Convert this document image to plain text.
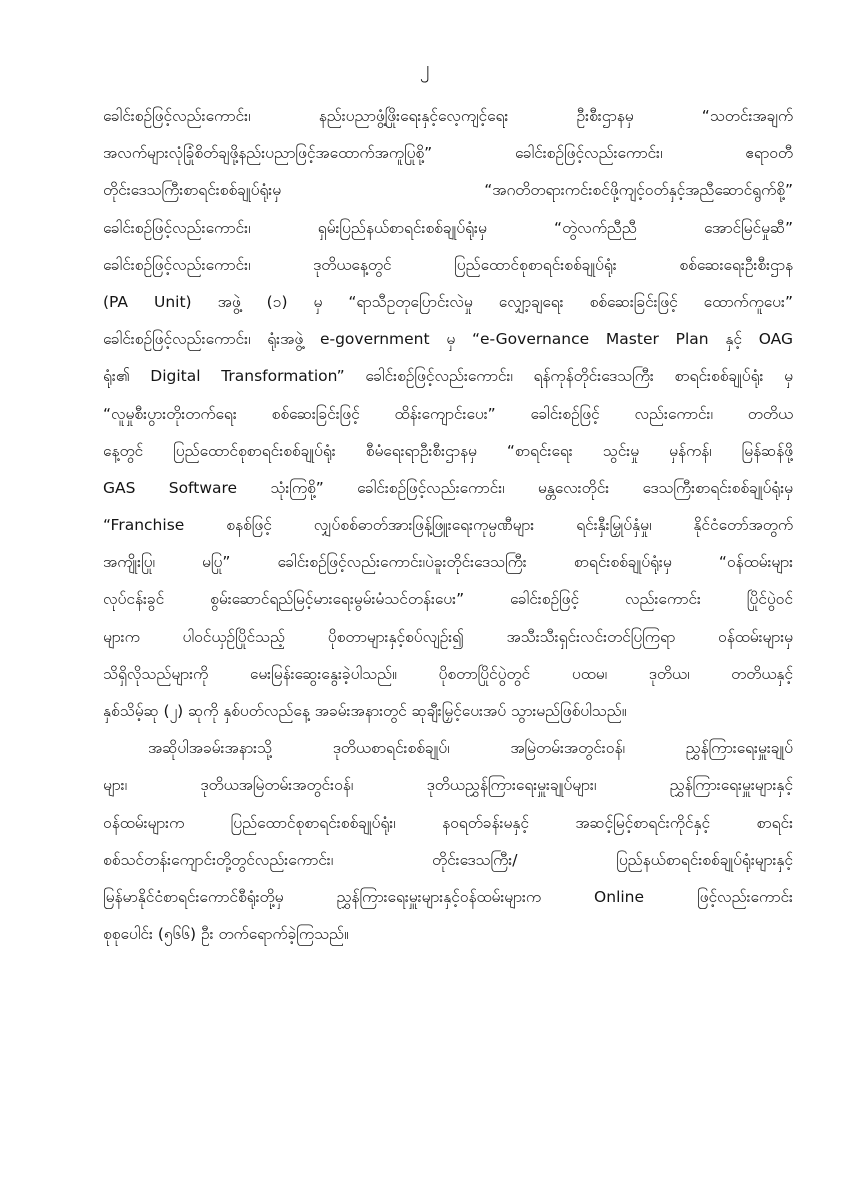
၂
ခေါင်းစဉ်ဖြင့်လည်းကောင်း၊ နည်းပညာဖွံ့ဖြိုးရေးနှင့်လေ့ကျင့်ရေး ဦးစီးဌာနမှ “သတင်းအချက်
အလက်များလုံခြုံစိတ်ချဖို့နည်းပညာဖြင့်အထောက်အကူပြုစို့” ခေါင်းစဉ်ဖြင့်လည်းကောင်း၊ ဧရာဝတီ
တိုင်းဒေသကြီးစာရင်းစစ်ချုပ်ရုံးမှ “အဂတိတရားကင်းစင်ဖို့ကျင့်ဝတ်နှင့်အညီဆောင်ရွက်စို့”
ခေါင်းစဉ်ဖြင့်လည်းကောင်း၊ ရှမ်းပြည်နယ်စာရင်းစစ်ချုပ်ရုံးမှ “တွဲလက်ညီညီ အောင်မြင်မှုဆီ”
ခေါင်းစဉ်ဖြင့်လည်းကောင်း၊ ဒုတိယနေ့တွင် ပြည်ထောင်စုစာရင်းစစ်ချုပ်ရုံး စစ်ဆေးရေးဦးစီးဌာန
(PA Unit) အဖွဲ့ (၁) မှ “ရာသီဥတုပြောင်းလဲမှု လျှော့ချရေး စစ်ဆေးခြင်းဖြင့် ထောက်ကူပေး”
ခေါင်းစဉ်ဖြင့်လည်းကောင်း၊ ရုံးအဖွဲ့ e-government မှ “e-Governance Master Plan နှင့် OAG
ရုံး၏ Digital Transformation” ခေါင်းစဉ်ဖြင့်လည်းကောင်း၊ ရန်ကုန်တိုင်းဒေသကြီး စာရင်းစစ်ချုပ်ရုံး မှ
“လူမှုစီးပွားတိုးတက်ရေး စစ်ဆေးခြင်းဖြင့် ထိန်းကျောင်းပေး” ခေါင်းစဉ်ဖြင့် လည်းကောင်း၊ တတိယ
နေ့တွင် ပြည်ထောင်စုစာရင်းစစ်ချုပ်ရုံး စီမံရေးရာဦးစီးဌာနမှ “စာရင်းရေး သွင်းမှု မှန်ကန်၊ မြန်ဆန်ဖို့
GAS Software သုံးကြစို့” ခေါင်းစဉ်ဖြင့်လည်းကောင်း၊ မန္တလေးတိုင်း ဒေသကြီးစာရင်းစစ်ချုပ်ရုံးမှ
“Franchise စနစ်ဖြင့် လျှပ်စစ်ဓာတ်အားဖြန့်ဖြူးရေးကုမ္ပဏီများ ရင်းနှီးမြှုပ်နှံမှု၊ နိုင်ငံတော်အတွက်
အကျိုးပြု၊ မပြု” ခေါင်းစဉ်ဖြင့်လည်းကောင်း၊ပဲခူးတိုင်းဒေသကြီး စာရင်းစစ်ချုပ်ရုံးမှ “ဝန်ထမ်းများ
လုပ်ငန်းခွင် စွမ်းဆောင်ရည်မြင့်မားရေးမွမ်းမံသင်တန်းပေး” ခေါင်းစဉ်ဖြင့် လည်းကောင်း ပြိုင်ပွဲဝင်
များက ပါဝင်ယှဉ်ပြိုင်သည့် ပိုစတာများနှင့်စပ်လျဉ်း၍ အသီးသီးရှင်းလင်းတင်ပြကြရာ ဝန်ထမ်းများမှ
သိရှိလိုသည်များကို မေးမြန်းဆွေးနွေးခဲ့ပါသည်။ ပိုစတာပြိုင်ပွဲတွင် ပထမ၊ ဒုတိယ၊ တတိယနှင့်
နှစ်သိမ့်ဆု (၂) ဆုကို နှစ်ပတ်လည်နေ့ အခမ်းအနားတွင် ဆုချီးမြှင့်ပေးအပ် သွားမည်ဖြစ်ပါသည်။
အဆိုပါအခမ်းအနားသို့ ဒုတိယစာရင်းစစ်ချုပ်၊ အမြဲတမ်းအတွင်းဝန်၊ ညွှန်ကြားရေးမှူးချုပ်
များ၊ ဒုတိယအမြဲတမ်းအတွင်းဝန်၊ ဒုတိယညွှန်ကြားရေးမှူးချုပ်များ၊ ညွှန်ကြားရေးမှူးများနှင့်
ဝန်ထမ်းများက ပြည်ထောင်စုစာရင်းစစ်ချုပ်ရုံး၊ နဝရတ်ခန်းမနှင့် အဆင့်မြင့်စာရင်းကိုင်နှင့် စာရင်း
စစ်သင်တန်းကျောင်းတို့တွင်လည်းကောင်း၊ တိုင်းဒေသကြီး/ ပြည်နယ်စာရင်းစစ်ချုပ်ရုံးများနှင့်
မြန်မာနိုင်ငံစာရင်းကောင်စီရုံးတို့မှ ညွှန်ကြားရေးမှူးများနှင့်ဝန်ထမ်းများက Online ဖြင့်လည်းကောင်း
စုစုပေါင်း (၅၆၆) ဦး တက်ရောက်ခဲ့ကြသည်။
